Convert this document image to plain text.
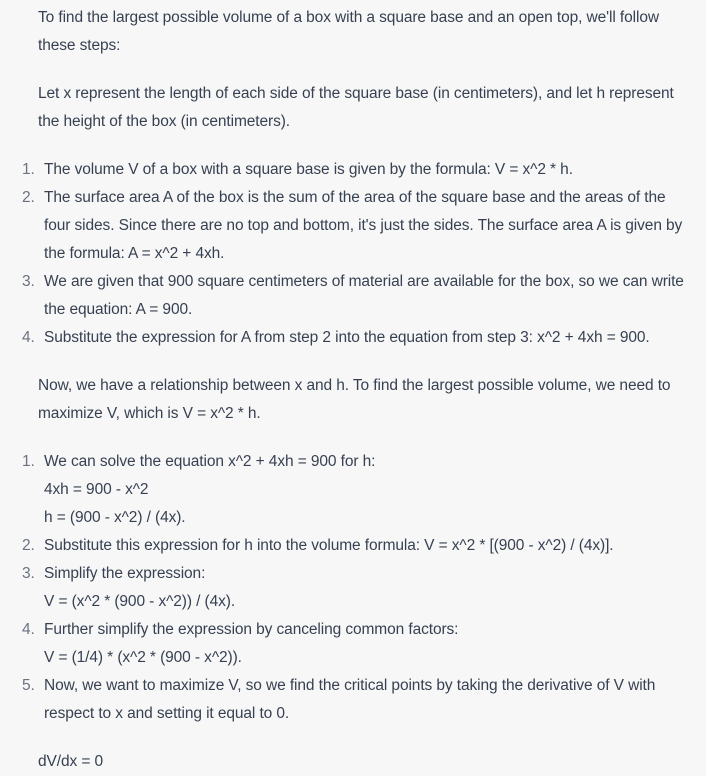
To find the largest possible volume of a box with a square base and an open top, we'll follow these steps:

Let x represent the length of each side of the square base (in centimeters), and let h represent the height of the box (in centimeters).

1. The volume V of a box with a square base is given by the formula: V = x^2 * h.
2. The surface area A of the box is the sum of the area of the square base and the areas of the four sides. Since there are no top and bottom, it's just the sides. The surface area A is given by the formula: A = x^2 + 4xh.
3. We are given that 900 square centimeters of material are available for the box, so we can write the equation: A = 900.
4. Substitute the expression for A from step 2 into the equation from step 3: x^2 + 4xh = 900.

Now, we have a relationship between x and h. To find the largest possible volume, we need to maximize V, which is V = x^2 * h.

1. We can solve the equation x^2 + 4xh = 900 for h:
4xh = 900 - x^2
h = (900 - x^2) / (4x).
2. Substitute this expression for h into the volume formula: V = x^2 * [(900 - x^2) / (4x)].
3. Simplify the expression:
V = (x^2 * (900 - x^2)) / (4x).
4. Further simplify the expression by canceling common factors:
V = (1/4) * (x^2 * (900 - x^2)).
5. Now, we want to maximize V, so we find the critical points by taking the derivative of V with respect to x and setting it equal to 0.

dV/dx = 0
